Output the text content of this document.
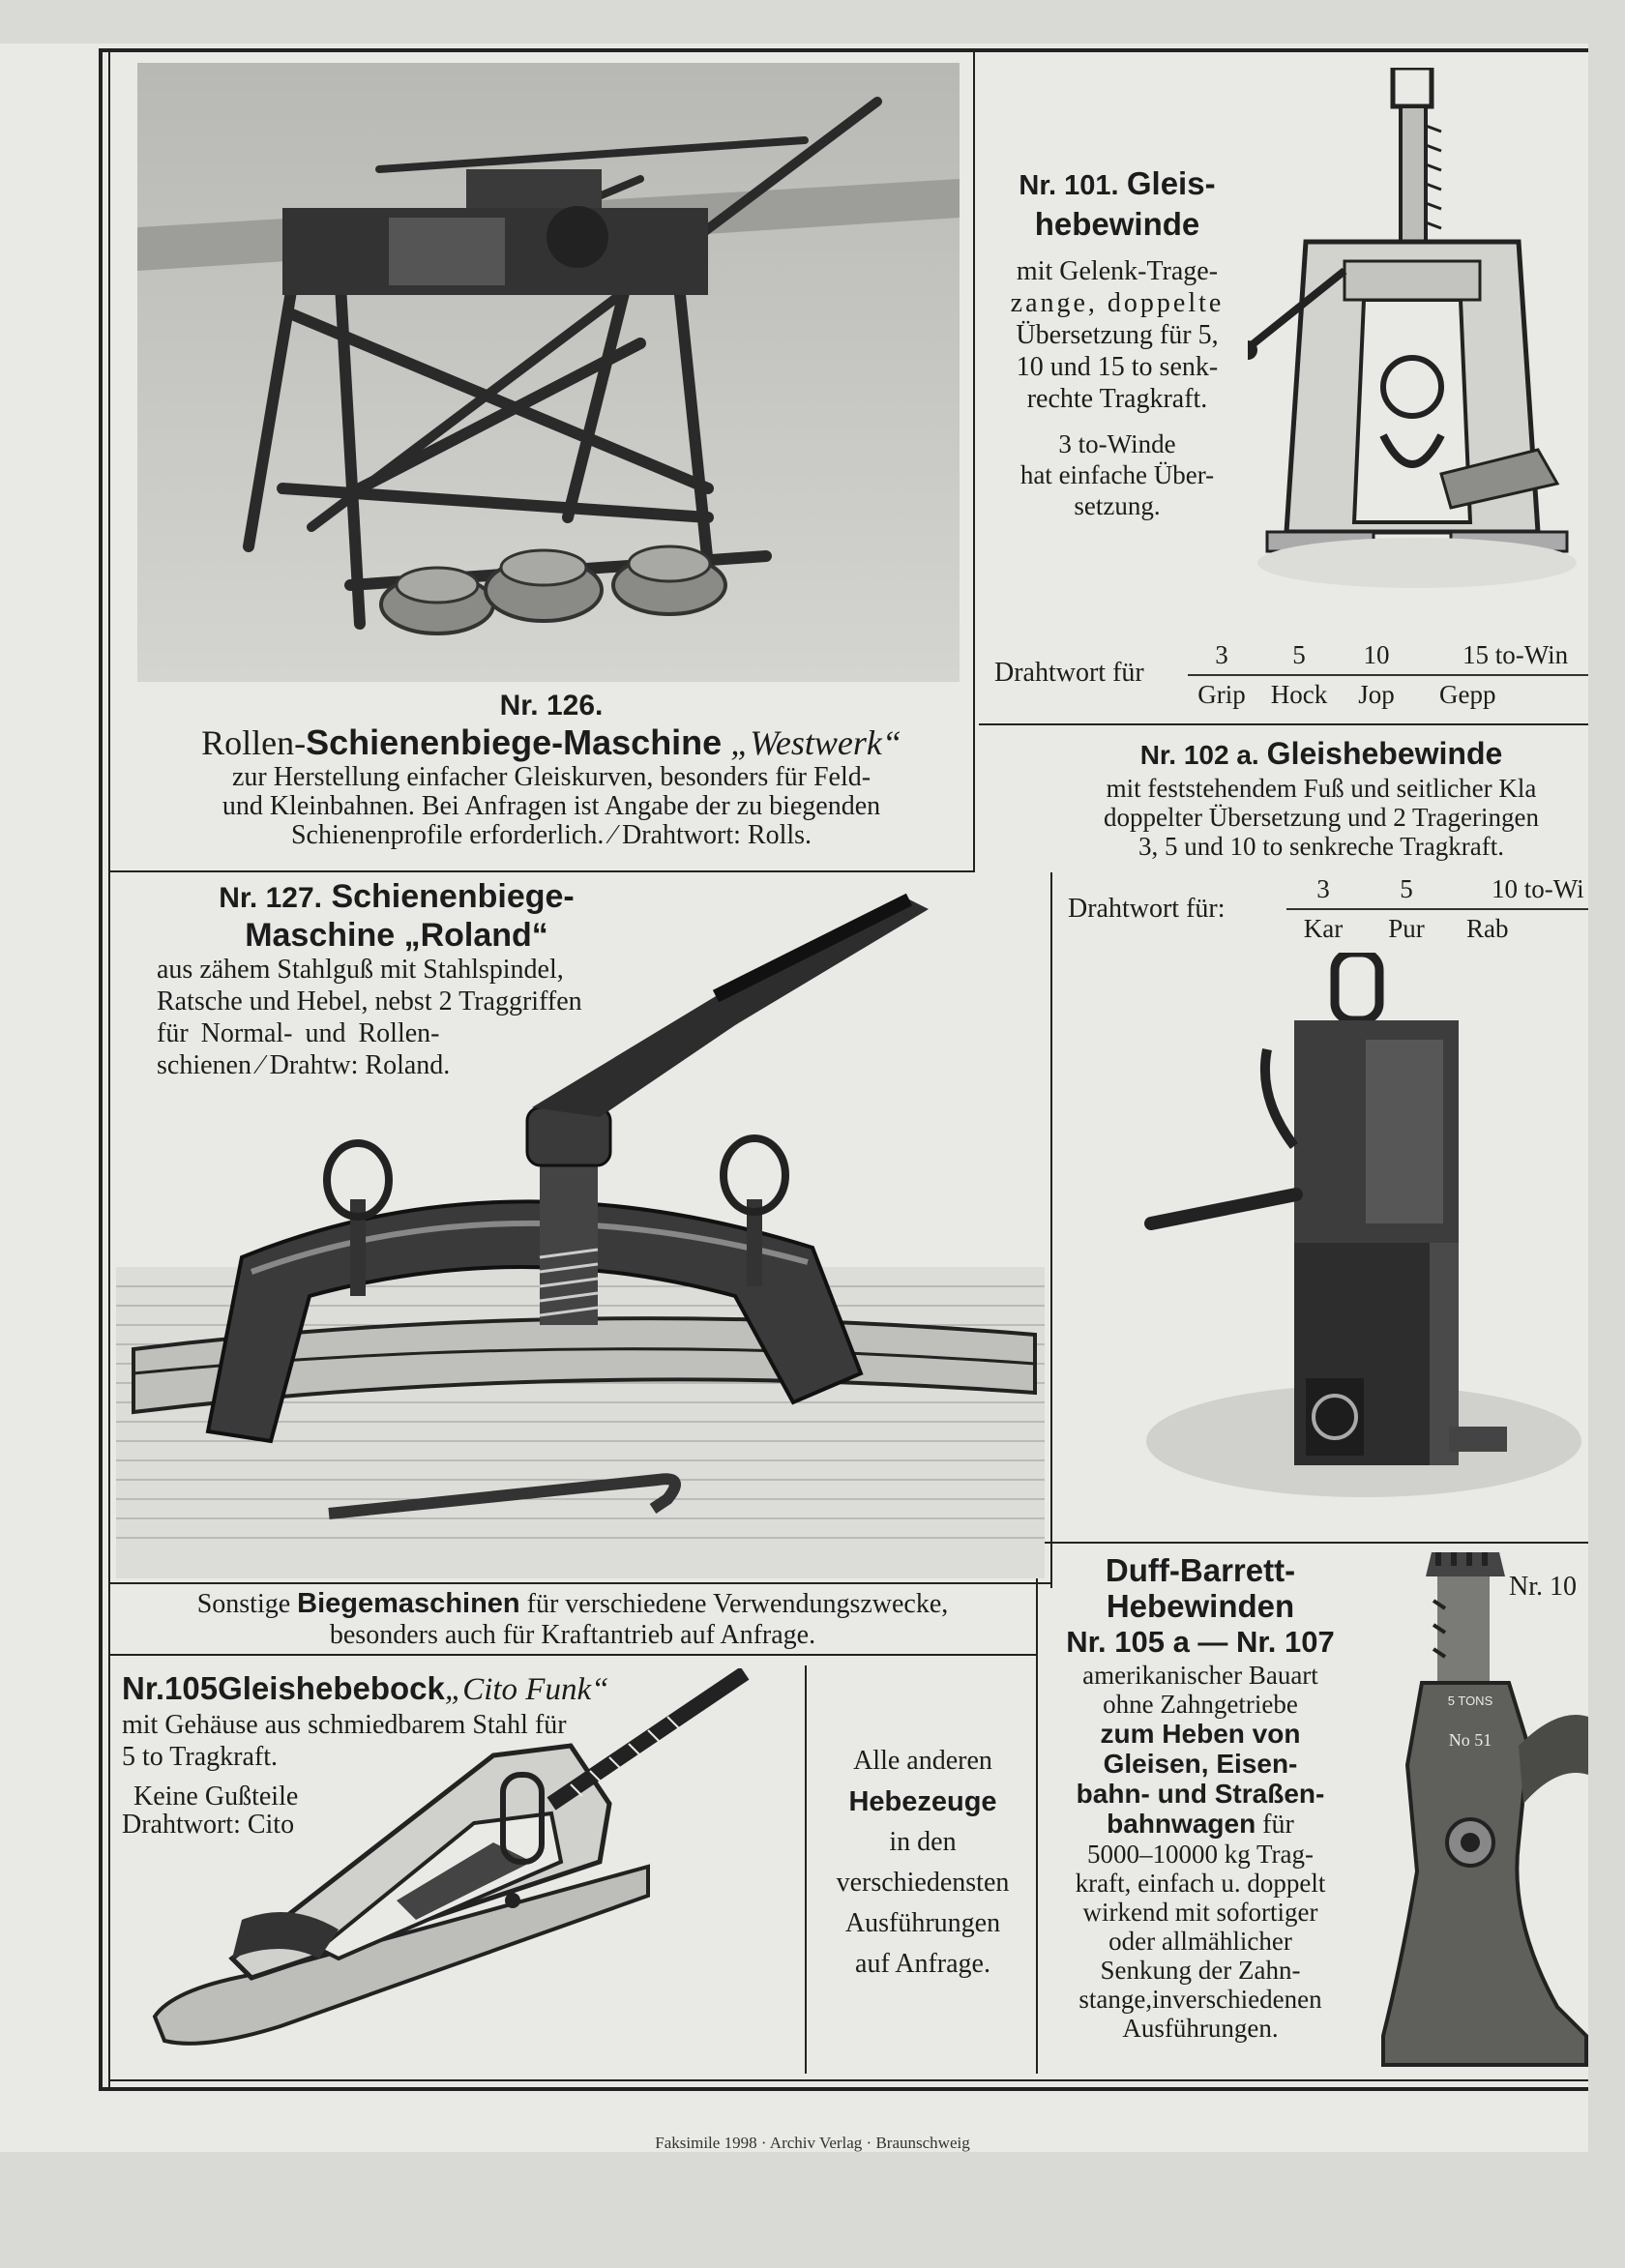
Nr. 126.
Rollen-Schienenbiege-Maschine „Westwerk“
zur Herstellung einfacher Gleiskurven, besonders für Feld-
und Kleinbahnen. Bei Anfragen ist Angabe der zu biegenden
Schienenprofile erforderlich. ⁄ Drahtwort: Rolls.
Nr. 101. Gleis-
hebewinde
mit Gelenk-Trage-
zange, doppelte
Übersetzung für 5,
10 und 15 to senk-
rechte Tragkraft.
3 to-Winde
hat einfache Über-
setzung.
Drahtwort für
3
Grip
5
Hock
10
Jop
15 to-Win
Gepp
Nr. 102 a. Gleishebewinde
mit feststehendem Fuß und seitlicher Kla
doppelter Übersetzung und 2 Trageringen
3, 5 und 10 to senkreche Tragkraft.
Drahtwort für:
3
Kar
5
Pur
10 to-Wi
Rab
Nr. 127. Schienenbiege-
Maschine „Roland“
aus zähem Stahlguß mit Stahlspindel,
Ratsche und Hebel, nebst 2 Traggriffen
für Normal- und Rollen-
schienen ⁄ Drahtw: Roland.
Sonstige Biegemaschinen für verschiedene Verwendungszwecke,
besonders auch für Kraftantrieb auf Anfrage.
Nr.105Gleishebebock„Cito Funk“
mit Gehäuse aus schmiedbarem Stahl für
5 to Tragkraft.
Keine Gußteile
Drahtwort: Cito
Alle anderen
Hebezeuge
in den
verschiedensten
Ausführungen
auf Anfrage.
Duff-Barrett-
Hebewinden
Nr. 105 a — Nr. 107
amerikanischer Bauart
ohne Zahngetriebe
zum Heben von
Gleisen, Eisen-
bahn- und Straßen-
bahnwagen für
5000–10000 kg Trag-
kraft, einfach u. doppelt
wirkend mit sofortiger
oder allmählicher
Senkung der Zahn-
stange,inverschiedenen
Ausführungen.
Nr. 10
5 TONS
No 51
Faksimile 1998 · Archiv Verlag · Braunschweig
